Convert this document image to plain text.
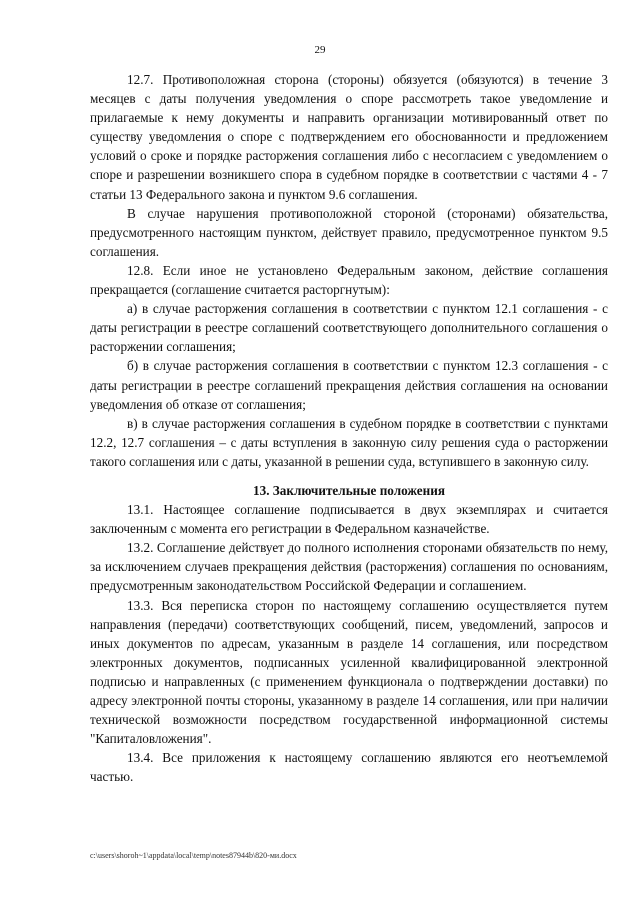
29

12.7. Противоположная сторона (стороны) обязуется (обязуются) в течение 3 месяцев с даты получения уведомления о споре рассмотреть такое уведомление и прилагаемые к нему документы и направить организации мотивированный ответ по существу уведомления о споре с подтверждением его обоснованности и предложением условий о сроке и порядке расторжения соглашения либо с несогласием с уведомлением о споре и разрешении возникшего спора в судебном порядке в соответствии с частями 4 - 7 статьи 13 Федерального закона и пунктом 9.6 соглашения.

В случае нарушения противоположной стороной (сторонами) обязательства, предусмотренного настоящим пунктом, действует правило, предусмотренное пунктом 9.5 соглашения.

12.8. Если иное не установлено Федеральным законом, действие соглашения прекращается (соглашение считается расторгнутым):

а) в случае расторжения соглашения в соответствии с пунктом 12.1 соглашения - с даты регистрации в реестре соглашений соответствующего дополнительного соглашения о расторжении соглашения;

б) в случае расторжения соглашения в соответствии с пунктом 12.3 соглашения - с даты регистрации в реестре соглашений прекращения действия соглашения на основании уведомления об отказе от соглашения;

в) в случае расторжения соглашения в судебном порядке в соответствии с пунктами 12.2, 12.7 соглашения – с даты вступления в законную силу решения суда о расторжении такого соглашения или с даты, указанной в решении суда, вступившего в законную силу.

13. Заключительные положения

13.1. Настоящее соглашение подписывается в двух экземплярах и считается заключенным с момента его регистрации в Федеральном казначействе.

13.2. Соглашение действует до полного исполнения сторонами обязательств по нему, за исключением случаев прекращения действия (расторжения) соглашения по основаниям, предусмотренным законодательством Российской Федерации и соглашением.

13.3. Вся переписка сторон по настоящему соглашению осуществляется путем направления (передачи) соответствующих сообщений, писем, уведомлений, запросов и иных документов по адресам, указанным в разделе 14 соглашения, или посредством электронных документов, подписанных усиленной квалифицированной электронной подписью и направленных (с применением функционала о подтверждении доставки) по адресу электронной почты стороны, указанному в разделе 14 соглашения, или при наличии технической возможности посредством государственной информационной системы "Капиталовложения".

13.4. Все приложения к настоящему соглашению являются его неотъемлемой частью.

c:\users\shoroh~1\appdata\local\temp\notes87944b\820-ми.docx
